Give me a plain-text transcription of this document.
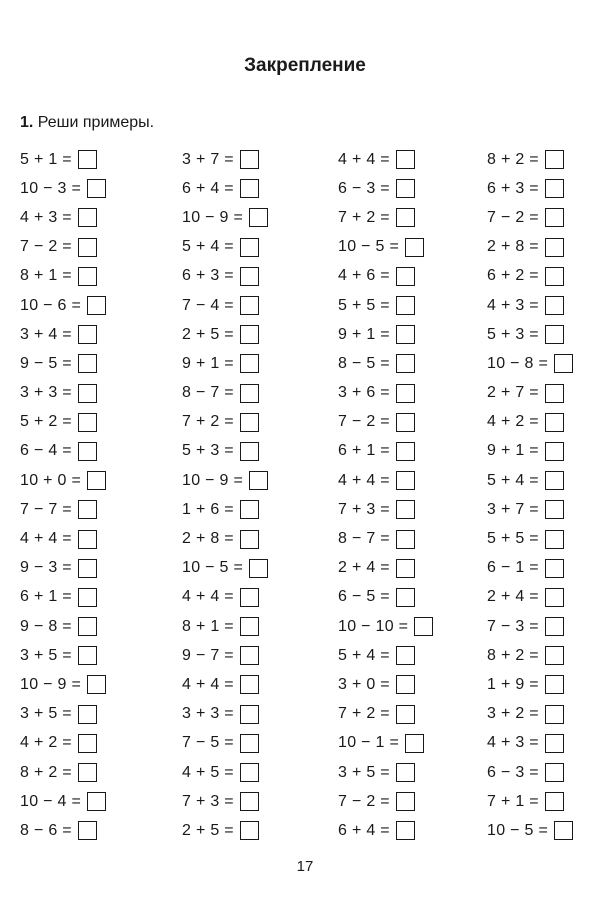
Закрепление
1. Реши примеры.
5 + 1 =
10 − 3 =
4 + 3 =
7 − 2 =
8 + 1 =
10 − 6 =
3 + 4 =
9 − 5 =
3 + 3 =
5 + 2 =
6 − 4 =
10 + 0 =
7 − 7 =
4 + 4 =
9 − 3 =
6 + 1 =
9 − 8 =
3 + 5 =
10 − 9 =
3 + 5 =
4 + 2 =
8 + 2 =
10 − 4 =
8 − 6 =
3 + 7 =
6 + 4 =
10 − 9 =
5 + 4 =
6 + 3 =
7 − 4 =
2 + 5 =
9 + 1 =
8 − 7 =
7 + 2 =
5 + 3 =
10 − 9 =
1 + 6 =
2 + 8 =
10 − 5 =
4 + 4 =
8 + 1 =
9 − 7 =
4 + 4 =
3 + 3 =
7 − 5 =
4 + 5 =
7 + 3 =
2 + 5 =
4 + 4 =
6 − 3 =
7 + 2 =
10 − 5 =
4 + 6 =
5 + 5 =
9 + 1 =
8 − 5 =
3 + 6 =
7 − 2 =
6 + 1 =
4 + 4 =
7 + 3 =
8 − 7 =
2 + 4 =
6 − 5 =
10 − 10 =
5 + 4 =
3 + 0 =
7 + 2 =
10 − 1 =
3 + 5 =
7 − 2 =
6 + 4 =
8 + 2 =
6 + 3 =
7 − 2 =
2 + 8 =
6 + 2 =
4 + 3 =
5 + 3 =
10 − 8 =
2 + 7 =
4 + 2 =
9 + 1 =
5 + 4 =
3 + 7 =
5 + 5 =
6 − 1 =
2 + 4 =
7 − 3 =
8 + 2 =
1 + 9 =
3 + 2 =
4 + 3 =
6 − 3 =
7 + 1 =
10 − 5 =
17
